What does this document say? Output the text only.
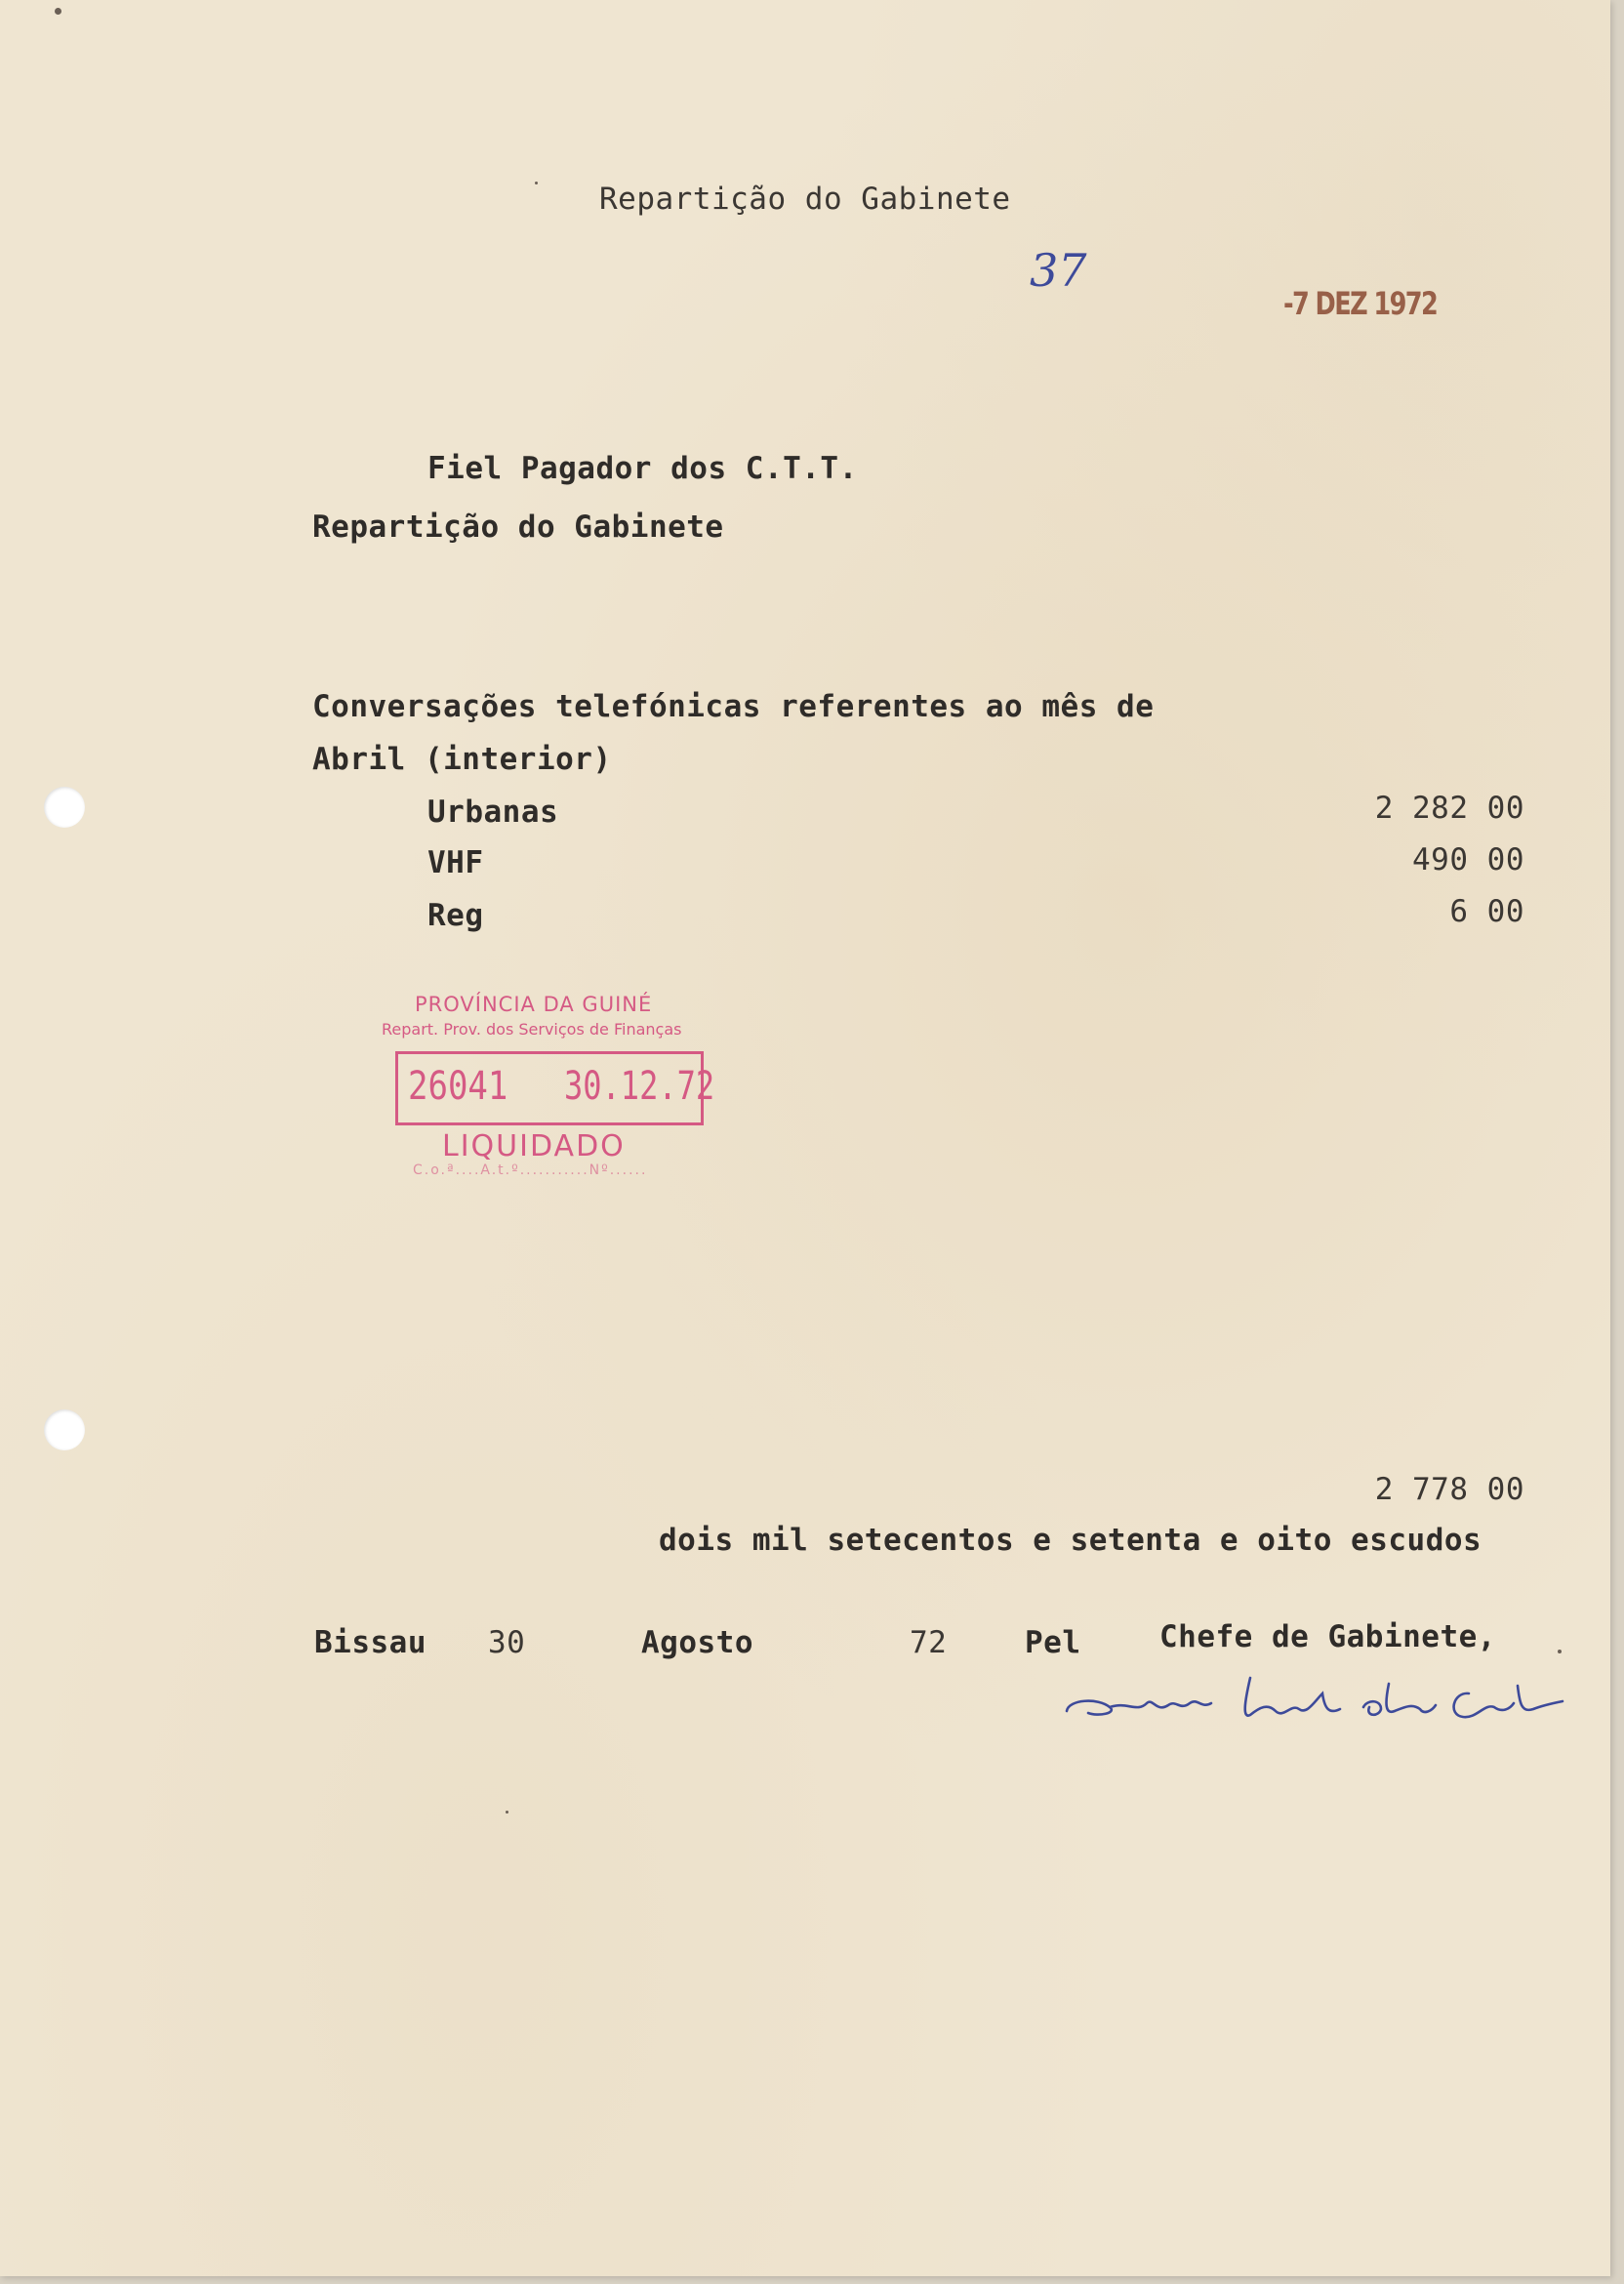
Repartição do Gabinete
37
-7 DEZ 1972
Fiel Pagador dos C.T.T.
Repartição do Gabinete
Conversações telefónicas referentes ao mês de
Abril (interior)
Urbanas	2 282 00
VHF	490 00
Reg	6 00
PROVÍNCIA DA GUINÉ
Repart. Prov. dos Serviços de Finanças
26041 30.12.72
LIQUIDADO
C.o.ª....A.t.º...........Nº......
2 778 00
dois mil setecentos e setenta e oito escudos
Bissau 30	Agosto	72	Pel	Chefe de Gabinete,
